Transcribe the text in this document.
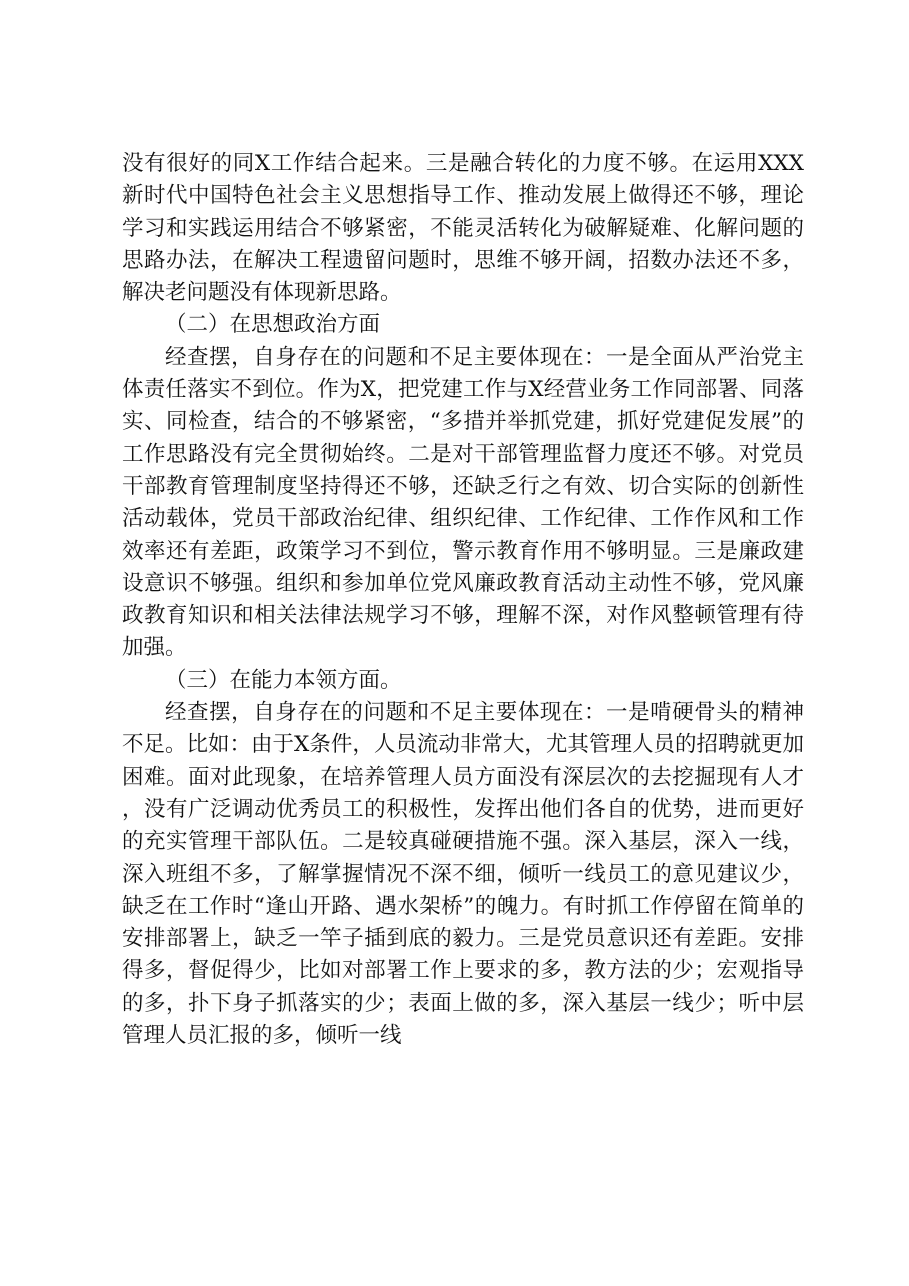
没有很好的同X工作结合起来。三是融合转化的力度不够。在运用XXX新时代中国特色社会主义思想指导工作、推动发展上做得还不够，理论学习和实践运用结合不够紧密，不能灵活转化为破解疑难、化解问题的思路办法，在解决工程遗留问题时，思维不够开阔，招数办法还不多，解决老问题没有体现新思路。

（二）在思想政治方面

经查摆，自身存在的问题和不足主要体现在：一是全面从严治党主体责任落实不到位。作为X，把党建工作与X经营业务工作同部署、同落实、同检查，结合的不够紧密，“多措并举抓党建，抓好党建促发展”的工作思路没有完全贯彻始终。二是对干部管理监督力度还不够。对党员干部教育管理制度坚持得还不够，还缺乏行之有效、切合实际的创新性活动载体，党员干部政治纪律、组织纪律、工作纪律、工作作风和工作效率还有差距，政策学习不到位，警示教育作用不够明显。三是廉政建设意识不够强。组织和参加单位党风廉政教育活动主动性不够，党风廉政教育知识和相关法律法规学习不够，理解不深，对作风整顿管理有待加强。

（三）在能力本领方面。

经查摆，自身存在的问题和不足主要体现在：一是啃硬骨头的精神不足。比如：由于X条件，人员流动非常大，尤其管理人员的招聘就更加困难。面对此现象，在培养管理人员方面没有深层次的去挖掘现有人才，没有广泛调动优秀员工的积极性，发挥出他们各自的优势，进而更好的充实管理干部队伍。二是较真碰硬措施不强。深入基层，深入一线，深入班组不多，了解掌握情况不深不细，倾听一线员工的意见建议少，缺乏在工作时“逢山开路、遇水架桥”的魄力。有时抓工作停留在简单的安排部署上，缺乏一竿子插到底的毅力。三是党员意识还有差距。安排得多，督促得少，比如对部署工作上要求的多，教方法的少；宏观指导的多，扑下身子抓落实的少；表面上做的多，深入基层一线少；听中层管理人员汇报的多，倾听一线
